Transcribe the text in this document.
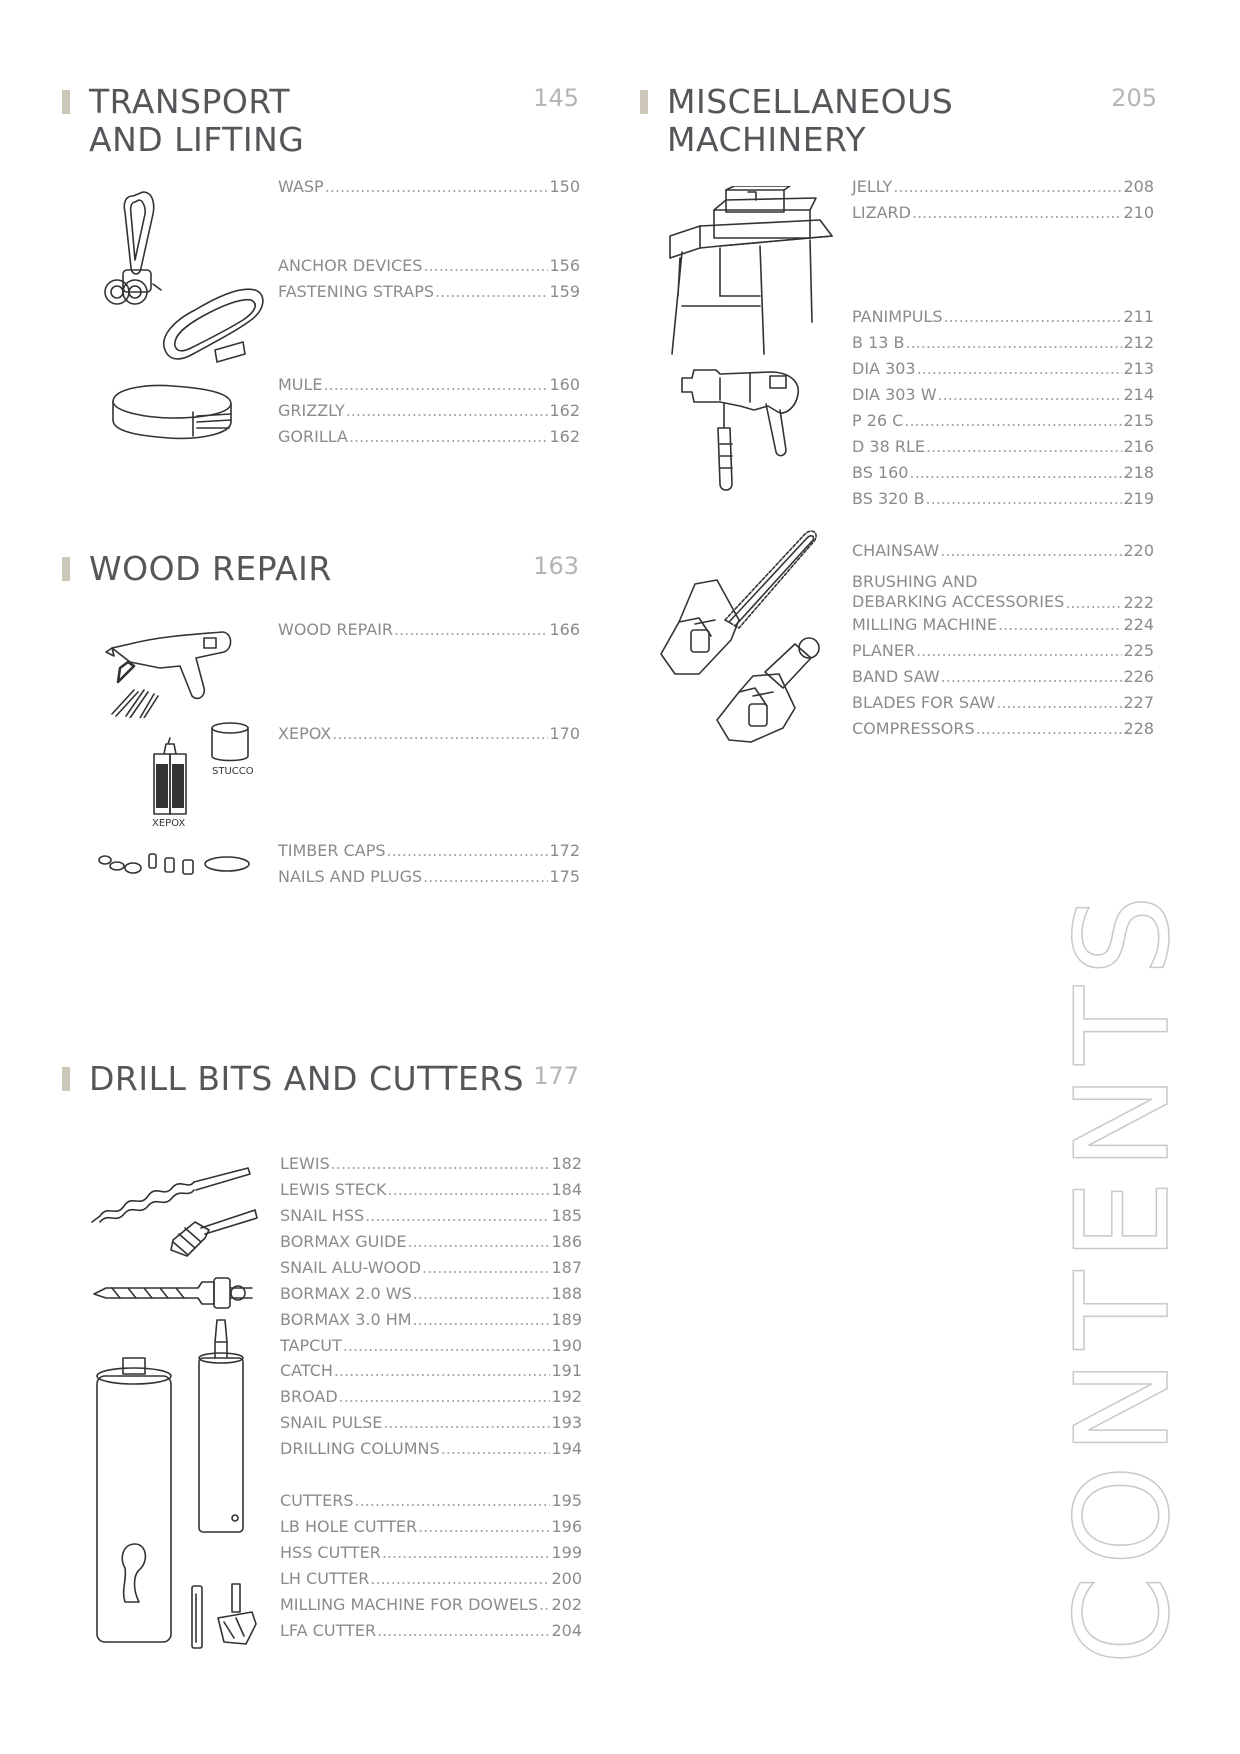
TRANSPORT
AND LIFTING
145
WASP .....	150
ANCHOR DEVICES .....	156
FASTENING STRAPS .....	159
MULE .....	160
GRIZZLY .....	162
GORILLA .....	162
WOOD REPAIR	163
WOOD REPAIR .....	166
XEPOX .....	170
TIMBER CAPS .....	172
NAILS AND PLUGS .....	175
XEPOX
STUCCO
DRILL BITS AND CUTTERS 177
LEWIS .....	182
LEWIS STECK .....	184
SNAIL HSS .....	185
BORMAX GUIDE .....	186
SNAIL ALU-WOOD .....	187
BORMAX 2.0 WS .....	188
BORMAX 3.0 HM .....	189
TAPCUT .....	190
CATCH .....	191
BROAD .....	192
SNAIL PULSE .....	193
DRILLING COLUMNS .....	194
CUTTERS .....	195
LB HOLE CUTTER .....	196
HSS CUTTER .....	199
LH CUTTER .....	200
MILLING MACHINE FOR DOWELS ..... 202
LFA CUTTER .....	204
MISCELLANEOUS
MACHINERY
205
JELLY .....	208
LIZARD .....	210
PANIMPULS .....	211
B 13 B .....	212
DIA 303 .....	213
DIA 303 W .....	214
P 26 C .....	215
D 38 RLE .....	216
BS 160 .....	218
BS 320 B .....	219
CHAINSAW .....	220
BRUSHING AND
DEBARKING ACCESSORIES .....	222
MILLING MACHINE .....	224
PLANER .....	225
BAND SAW .....	226
BLADES FOR SAW .....	227
COMPRESSORS .....	228
CONTENTS
